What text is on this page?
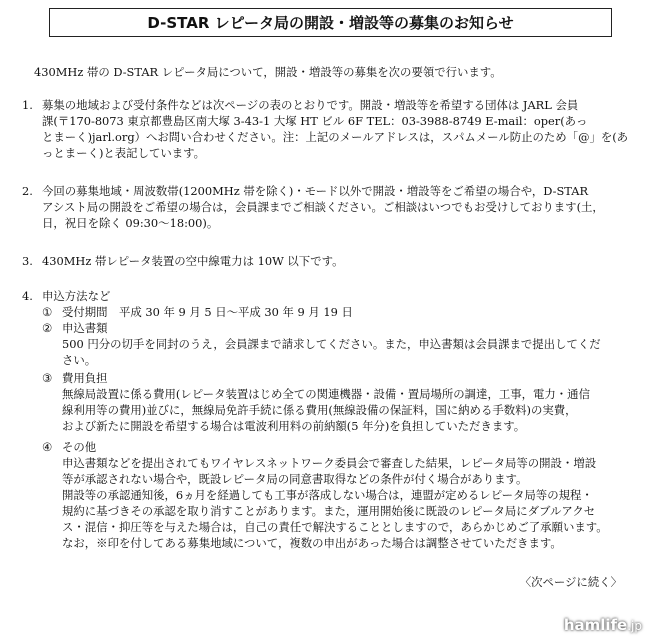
D-STAR レピータ局の開設・増設等の募集のお知らせ
430MHz 帯の D-STAR レピータ局について，開設・増設等の募集を次の要領で行います。
1. 募集の地域および受付条件などは次ページの表のとおりです。開設・増設等を希望する団体は JARL 会員
課(〒170-8073 東京都豊島区南大塚 3-43-1 大塚 HT ビル 6F TEL：03-3988-8749 E-mail：oper(あっ
とまーく)jarl.org）へお問い合わせください。注：上記のメールアドレスは，スパムメール防止のため「@」を(あ
っとまーく)と表記しています。
2. 今回の募集地域・周波数帯(1200MHz 帯を除く)・モード以外で開設・増設等をご希望の場合や，D-STAR
アシスト局の開設をご希望の場合は，会員課までご相談ください。ご相談はいつでもお受けしております(土，
日，祝日を除く 09:30～18:00)。
3. 430MHz 帯レピータ装置の空中線電力は 10W 以下です。
4. 申込方法など
① 受付期間　平成 30 年 9 月 5 日～平成 30 年 9 月 19 日
② 申込書類
500 円分の切手を同封のうえ，会員課まで請求してください。また，申込書類は会員課まで提出してくだ
さい。
③ 費用負担
無線局設置に係る費用(レピータ装置はじめ全ての関連機器・設備・置局場所の調達，工事，電力・通信
線利用等の費用)並びに，無線局免許手続に係る費用(無線設備の保証料，国に納める手数料)の実費，
および新たに開設を希望する場合は電波利用料の前納額(5 年分)を負担していただきます。
④ その他
申込書類などを提出されてもワイヤレスネットワーク委員会で審査した結果，レピータ局等の開設・増設
等が承認されない場合や，既設レピータ局の同意書取得などの条件が付く場合があります。
開設等の承認通知後，6ヵ月を経過しても工事が落成しない場合は，連盟が定めるレピータ局等の規程・
規約に基づきその承認を取り消すことがあります。また，運用開始後に既設のレピータ局にダブルアクセ
ス・混信・抑圧等を与えた場合は，自己の責任で解決することとしますので，あらかじめご了承願います。
なお，※印を付してある募集地域について，複数の申出があった場合は調整させていただきます。
〈次ページに続く〉
hamlife.jp
